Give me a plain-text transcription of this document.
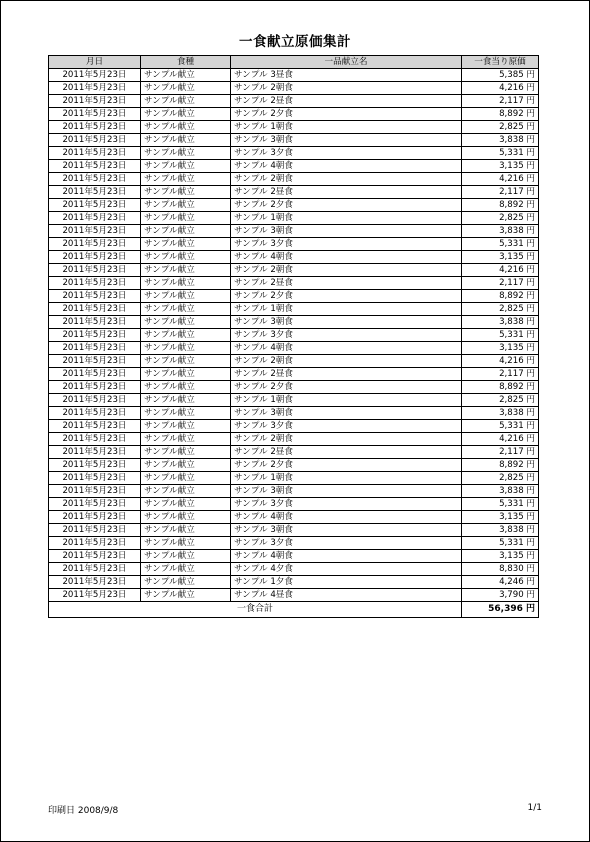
一食献立原価集計
月日	食種	一品献立名	一食当り原価
2011年5月23日	サンプル献立	サンプル 3昼食	5,385 円
2011年5月23日	サンプル献立	サンプル 2朝食	4,216 円
2011年5月23日	サンプル献立	サンプル 2昼食	2,117 円
2011年5月23日	サンプル献立	サンプル 2夕食	8,892 円
2011年5月23日	サンプル献立	サンプル 1朝食	2,825 円
2011年5月23日	サンプル献立	サンプル 3朝食	3,838 円
2011年5月23日	サンプル献立	サンプル 3夕食	5,331 円
2011年5月23日	サンプル献立	サンプル 4朝食	3,135 円
2011年5月23日	サンプル献立	サンプル 2朝食	4,216 円
2011年5月23日	サンプル献立	サンプル 2昼食	2,117 円
2011年5月23日	サンプル献立	サンプル 2夕食	8,892 円
2011年5月23日	サンプル献立	サンプル 1朝食	2,825 円
2011年5月23日	サンプル献立	サンプル 3朝食	3,838 円
2011年5月23日	サンプル献立	サンプル 3夕食	5,331 円
2011年5月23日	サンプル献立	サンプル 4朝食	3,135 円
2011年5月23日	サンプル献立	サンプル 2朝食	4,216 円
2011年5月23日	サンプル献立	サンプル 2昼食	2,117 円
2011年5月23日	サンプル献立	サンプル 2夕食	8,892 円
2011年5月23日	サンプル献立	サンプル 1朝食	2,825 円
2011年5月23日	サンプル献立	サンプル 3朝食	3,838 円
2011年5月23日	サンプル献立	サンプル 3夕食	5,331 円
2011年5月23日	サンプル献立	サンプル 4朝食	3,135 円
2011年5月23日	サンプル献立	サンプル 2朝食	4,216 円
2011年5月23日	サンプル献立	サンプル 2昼食	2,117 円
2011年5月23日	サンプル献立	サンプル 2夕食	8,892 円
2011年5月23日	サンプル献立	サンプル 1朝食	2,825 円
2011年5月23日	サンプル献立	サンプル 3朝食	3,838 円
2011年5月23日	サンプル献立	サンプル 3夕食	5,331 円
2011年5月23日	サンプル献立	サンプル 2朝食	4,216 円
2011年5月23日	サンプル献立	サンプル 2昼食	2,117 円
2011年5月23日	サンプル献立	サンプル 2夕食	8,892 円
2011年5月23日	サンプル献立	サンプル 1朝食	2,825 円
2011年5月23日	サンプル献立	サンプル 3朝食	3,838 円
2011年5月23日	サンプル献立	サンプル 3夕食	5,331 円
2011年5月23日	サンプル献立	サンプル 4朝食	3,135 円
2011年5月23日	サンプル献立	サンプル 3朝食	3,838 円
2011年5月23日	サンプル献立	サンプル 3夕食	5,331 円
2011年5月23日	サンプル献立	サンプル 4朝食	3,135 円
2011年5月23日	サンプル献立	サンプル 4夕食	8,830 円
2011年5月23日	サンプル献立	サンプル 1夕食	4,246 円
2011年5月23日	サンプル献立	サンプル 4昼食	3,790 円
一食合計			56,396 円
印刷日 2008/9/8	1/1
